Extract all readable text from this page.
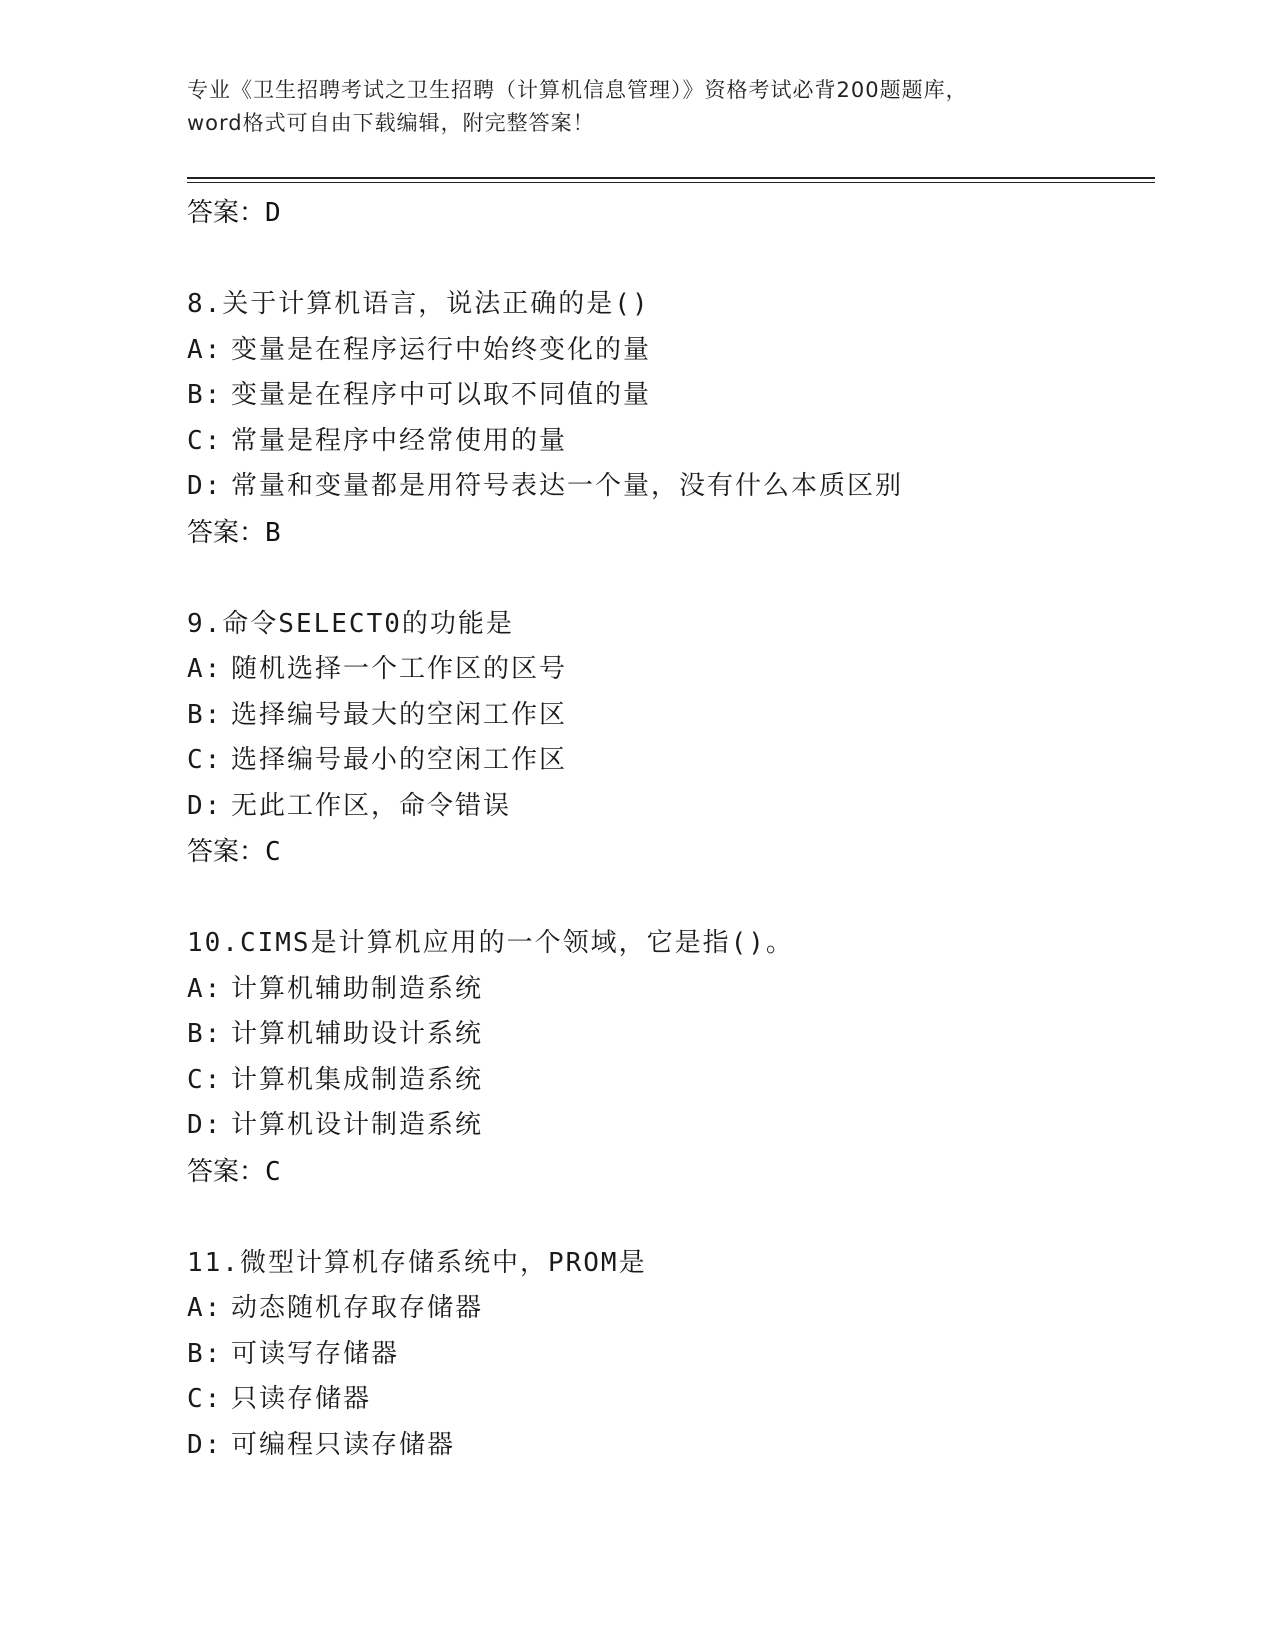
专业《卫生招聘考试之卫生招聘（计算机信息管理）》资格考试必背200题题库，
word格式可自由下载编辑，附完整答案！
答案：D
8.关于计算机语言，说法正确的是()
A: 变量是在程序运行中始终变化的量
B: 变量是在程序中可以取不同值的量
C: 常量是程序中经常使用的量
D: 常量和变量都是用符号表达一个量，没有什么本质区别
答案：B
9.命令SELECT0的功能是
A: 随机选择一个工作区的区号
B: 选择编号最大的空闲工作区
C: 选择编号最小的空闲工作区
D: 无此工作区，命令错误
答案：C
10.CIMS是计算机应用的一个领域，它是指()。
A: 计算机辅助制造系统
B: 计算机辅助设计系统
C: 计算机集成制造系统
D: 计算机设计制造系统
答案：C
11.微型计算机存储系统中，PROM是
A: 动态随机存取存储器
B: 可读写存储器
C: 只读存储器
D: 可编程只读存储器
